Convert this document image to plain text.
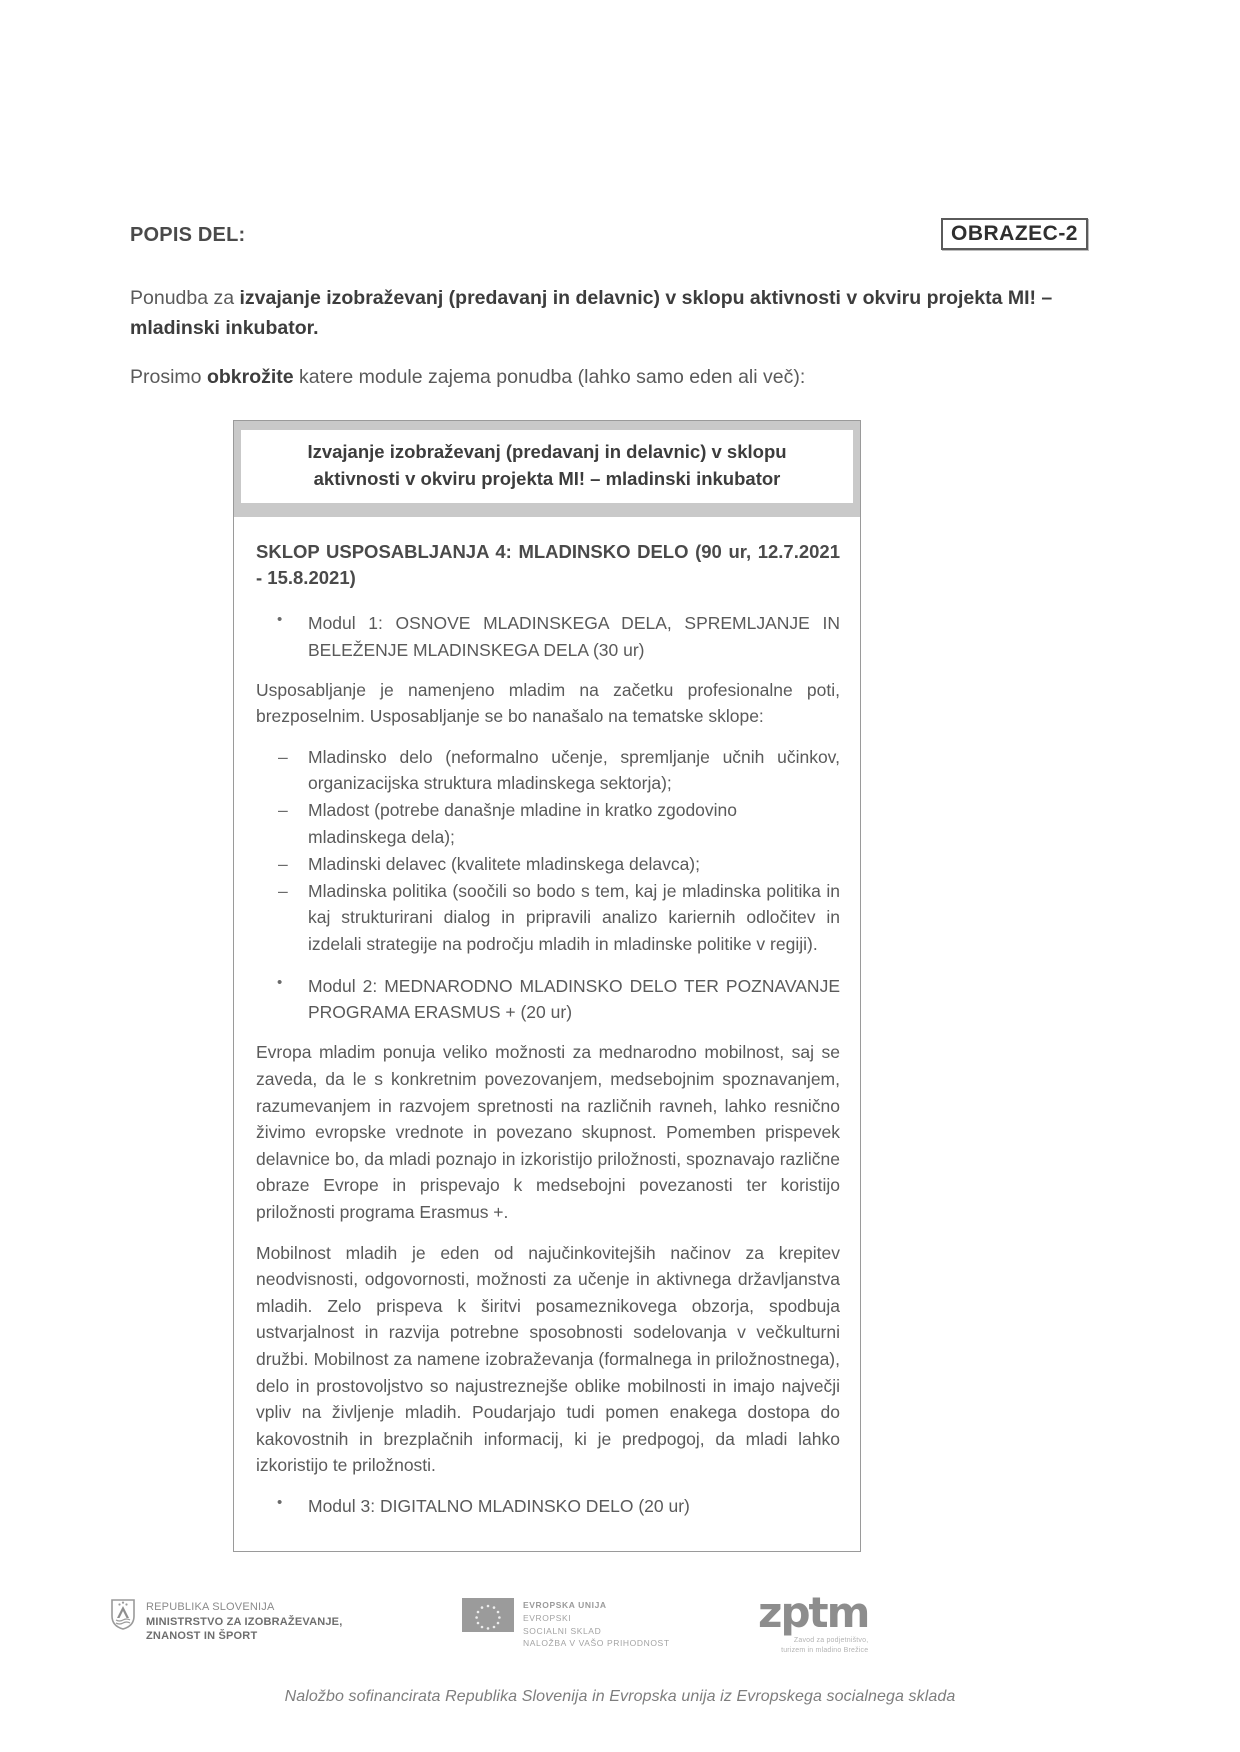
OBRAZEC-2
POPIS DEL:
Ponudba za izvajanje izobraževanj (predavanj in delavnic) v sklopu aktivnosti v okviru projekta MI! – mladinski inkubator.
Prosimo obkrožite katere module zajema ponudba (lahko samo eden ali več):
Izvajanje izobraževanj (predavanj in delavnic) v sklopu
aktivnosti v okviru projekta MI! – mladinski inkubator
SKLOP USPOSABLJANJA 4: MLADINSKO DELO (90 ur, 12.7.2021 - 15.8.2021)
• Modul 1: OSNOVE MLADINSKEGA DELA, SPREMLJANJE IN BELEŽENJE MLADINSKEGA DELA (30 ur)

Usposabljanje je namenjeno mladim na začetku profesionalne poti, brezposelnim. Usposabljanje se bo nanašalo na tematske sklope:

– Mladinsko delo (neformalno učenje, spremljanje učnih učinkov, organizacijska struktura mladinskega sektorja);
– Mladost (potrebe današnje mladine in kratko zgodovino mladinskega dela);
– Mladinski delavec (kvalitete mladinskega delavca);
– Mladinska politika (soočili so bodo s tem, kaj je mladinska politika in kaj strukturirani dialog in pripravili analizo kariernih odločitev in izdelali strategije na področju mladih in mladinske politike v regiji).
• Modul 2: MEDNARODNO MLADINSKO DELO TER POZNAVANJE PROGRAMA ERASMUS + (20 ur)

Evropa mladim ponuja veliko možnosti za mednarodno mobilnost, saj se zaveda, da le s konkretnim povezovanjem, medsebojnim spoznavanjem, razumevanjem in razvojem spretnosti na različnih ravneh, lahko resnično živimo evropske vrednote in povezano skupnost. Pomemben prispevek delavnice bo, da mladi poznajo in izkoristijo priložnosti, spoznavajo različne obraze Evrope in prispevajo k medsebojni povezanosti ter koristijo priložnosti programa Erasmus +.

Mobilnost mladih je eden od najučinkovitejših načinov za krepitev neodvisnosti, odgovornosti, možnosti za učenje in aktivnega državljanstva mladih. Zelo prispeva k širitvi posameznikovega obzorja, spodbuja ustvarjalnost in razvija potrebne sposobnosti sodelovanja v večkulturni družbi. Mobilnost za namene izobraževanja (formalnega in priložnostnega), delo in prostovoljstvo so najustreznejše oblike mobilnosti in imajo največji vpliv na življenje mladih. Poudarjajo tudi pomen enakega dostopa do kakovostnih in brezplačnih informacij, ki je predpogoj, da mladi lahko izkoristijo te priložnosti.

• Modul 3: DIGITALNO MLADINSKO DELO (20 ur)
REPUBLIKA SLOVENIJA
MINISTRSTVO ZA IZOBRAŽEVANJE,
ZNANOST IN ŠPORT
EVROPSKA UNIJA
EVROPSKI
SOCIALNI SKLAD
NALOŽBA V VAŠO PRIHODNOST
zptm
Zavod za podjetništvo,
turizem in mladino Brežice
Naložbo sofinancirata Republika Slovenija in Evropska unija iz Evropskega socialnega sklada
